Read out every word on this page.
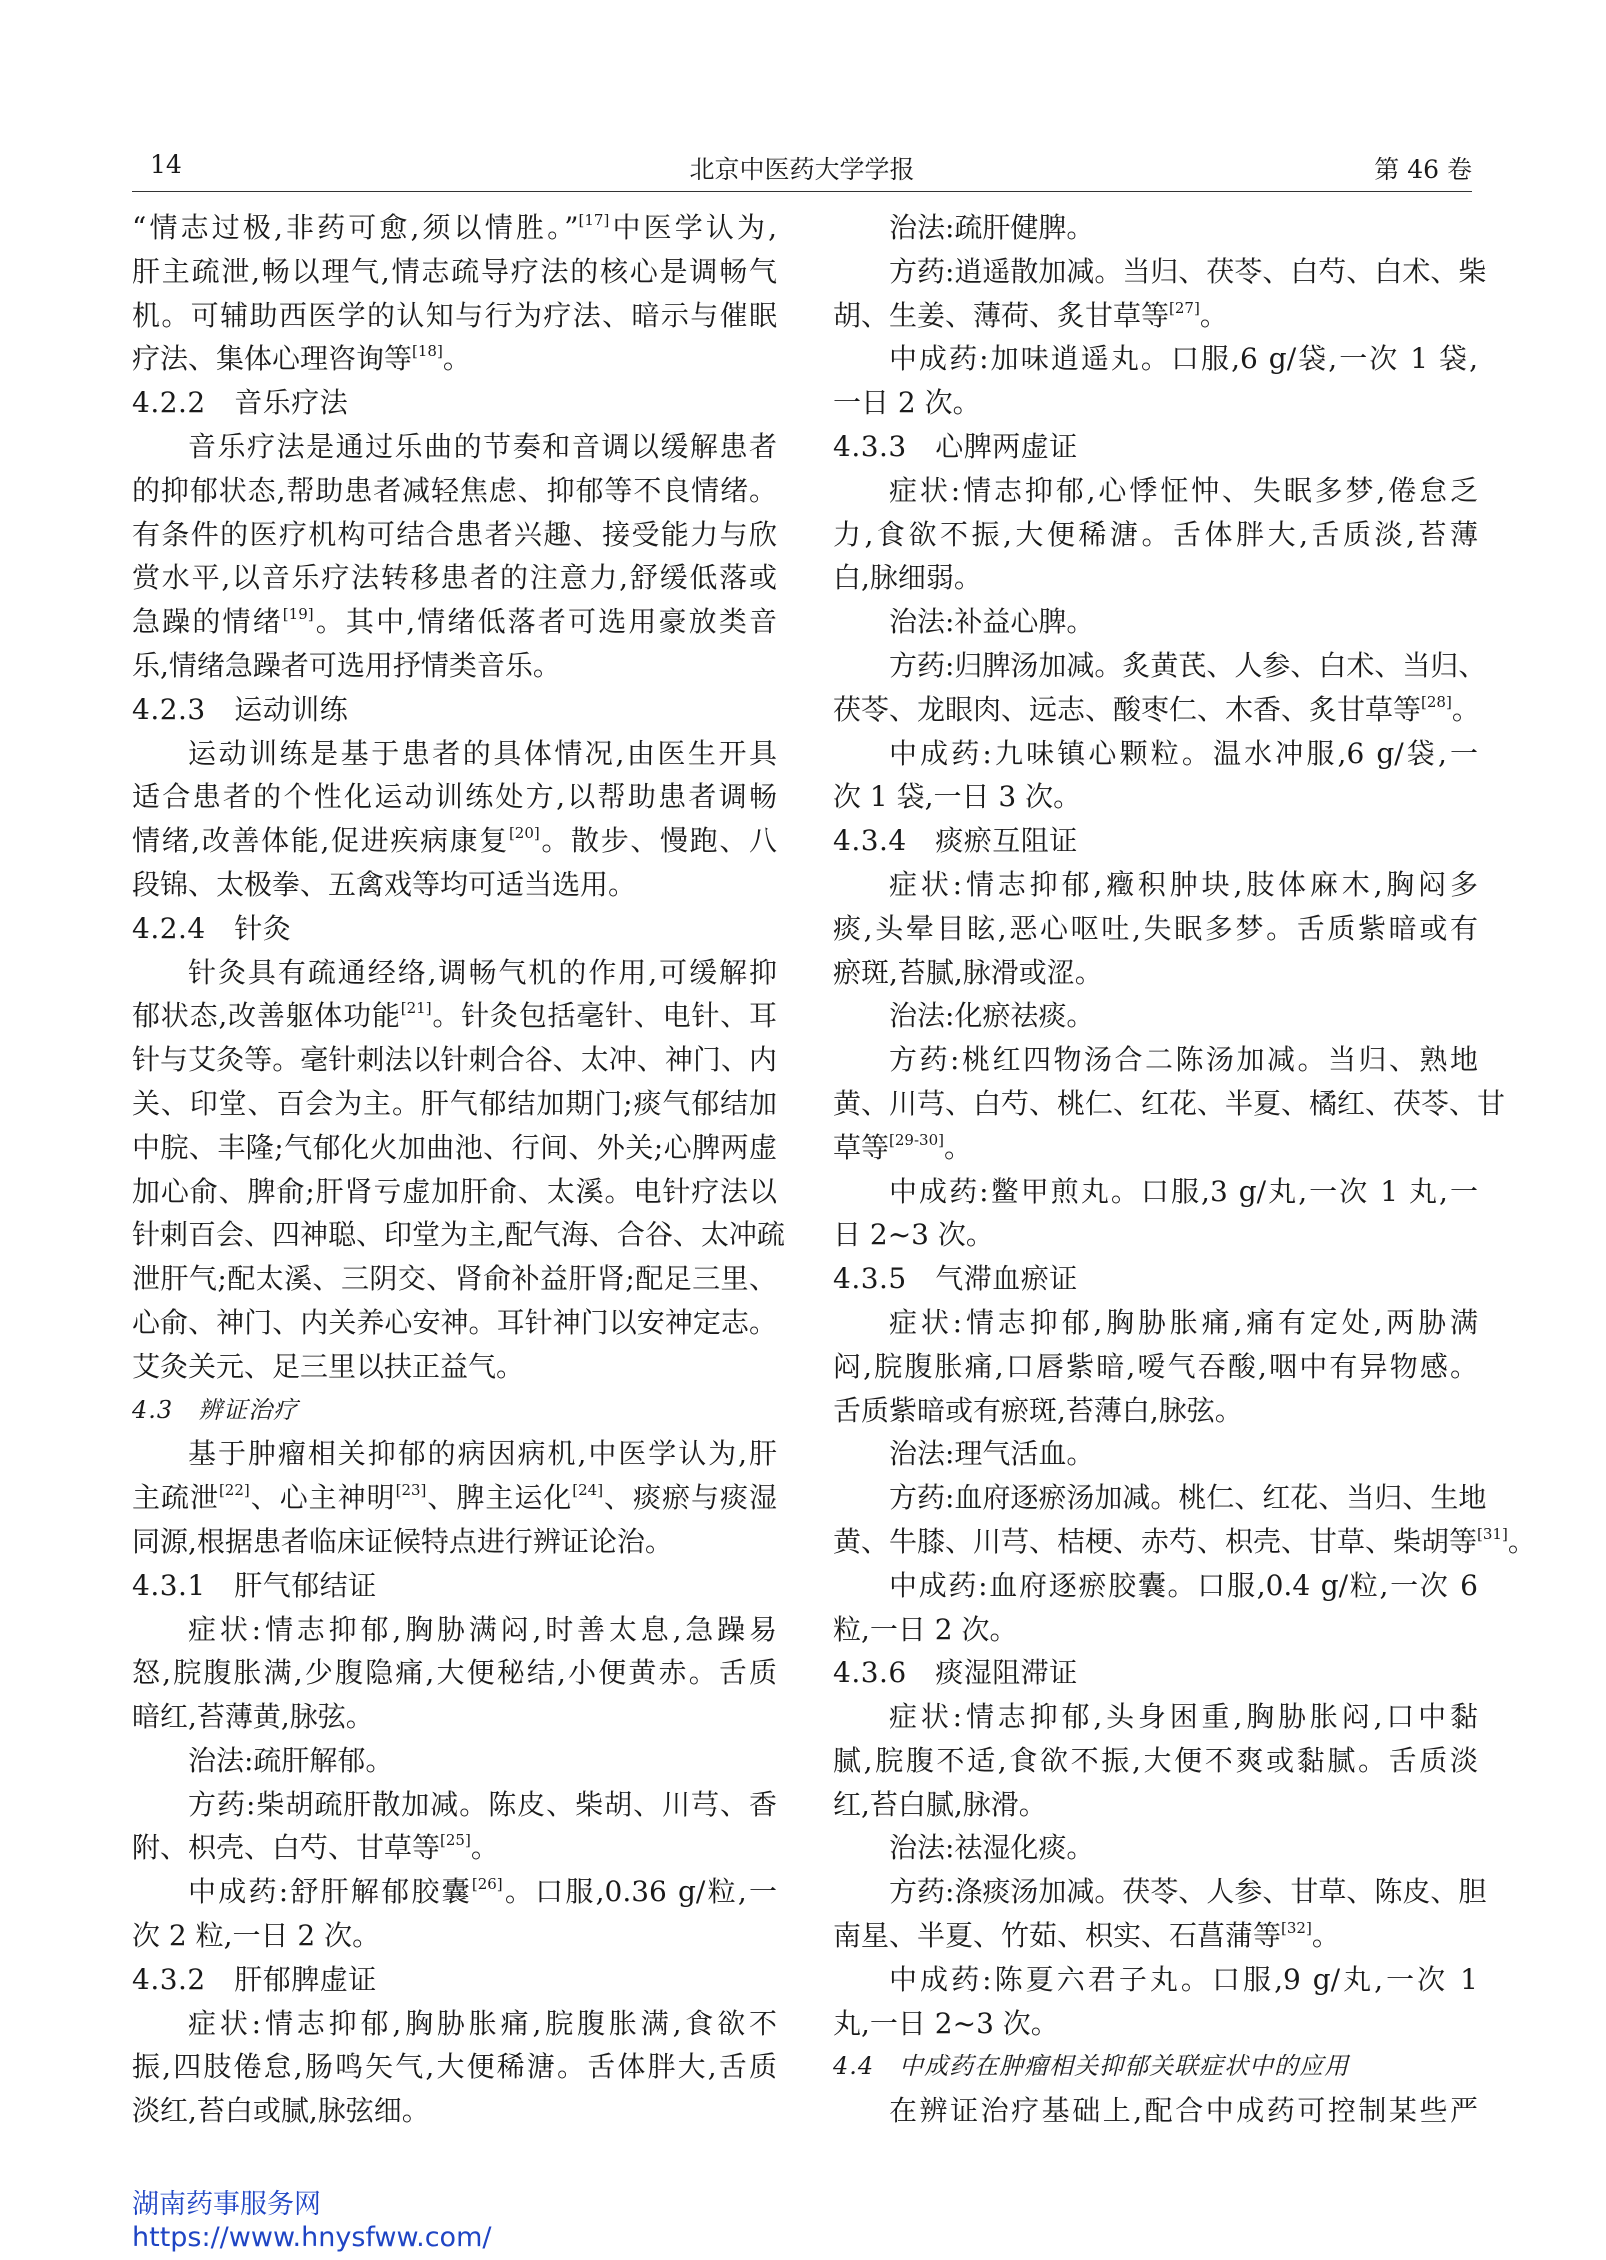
14	北京中医药大学学报	第 46 卷
“情志过极,非药可愈,须以情胜。”[17]中医学认为,
肝主疏泄,畅以理气,情志疏导疗法的核心是调畅气
机。可辅助西医学的认知与行为疗法、暗示与催眠
疗法、集体心理咨询等[18]。
4.2.2　音乐疗法
音乐疗法是通过乐曲的节奏和音调以缓解患者
的抑郁状态,帮助患者减轻焦虑、抑郁等不良情绪。
有条件的医疗机构可结合患者兴趣、接受能力与欣
赏水平,以音乐疗法转移患者的注意力,舒缓低落或
急躁的情绪[19]。其中,情绪低落者可选用豪放类音
乐,情绪急躁者可选用抒情类音乐。
4.2.3　运动训练
运动训练是基于患者的具体情况,由医生开具
适合患者的个性化运动训练处方,以帮助患者调畅
情绪,改善体能,促进疾病康复[20]。散步、慢跑、八
段锦、太极拳、五禽戏等均可适当选用。
4.2.4　针灸
针灸具有疏通经络,调畅气机的作用,可缓解抑
郁状态,改善躯体功能[21]。针灸包括毫针、电针、耳
针与艾灸等。毫针刺法以针刺合谷、太冲、神门、内
关、印堂、百会为主。肝气郁结加期门;痰气郁结加
中脘、丰隆;气郁化火加曲池、行间、外关;心脾两虚
加心俞、脾俞;肝肾亏虚加肝俞、太溪。电针疗法以
针刺百会、四神聪、印堂为主,配气海、合谷、太冲疏
泄肝气;配太溪、三阴交、肾俞补益肝肾;配足三里、
心俞、神门、内关养心安神。耳针神门以安神定志。
艾灸关元、足三里以扶正益气。
4.3　辨证治疗
基于肿瘤相关抑郁的病因病机,中医学认为,肝
主疏泄[22]、心主神明[23]、脾主运化[24]、痰瘀与痰湿
同源,根据患者临床证候特点进行辨证论治。
4.3.1　肝气郁结证
症状:情志抑郁,胸胁满闷,时善太息,急躁易
怒,脘腹胀满,少腹隐痛,大便秘结,小便黄赤。舌质
暗红,苔薄黄,脉弦。
治法:疏肝解郁。
方药:柴胡疏肝散加减。陈皮、柴胡、川芎、香
附、枳壳、白芍、甘草等[25]。
中成药:舒肝解郁胶囊[26]。口服,0.36 g/粒,一
次 2 粒,一日 2 次。
4.3.2　肝郁脾虚证
症状:情志抑郁,胸胁胀痛,脘腹胀满,食欲不
振,四肢倦怠,肠鸣矢气,大便稀溏。舌体胖大,舌质
淡红,苔白或腻,脉弦细。
治法:疏肝健脾。
方药:逍遥散加减。当归、茯苓、白芍、白术、柴
胡、生姜、薄荷、炙甘草等[27]。
中成药:加味逍遥丸。口服,6 g/袋,一次 1 袋,
一日 2 次。
4.3.3　心脾两虚证
症状:情志抑郁,心悸怔忡、失眠多梦,倦怠乏
力,食欲不振,大便稀溏。舌体胖大,舌质淡,苔薄
白,脉细弱。
治法:补益心脾。
方药:归脾汤加减。炙黄芪、人参、白术、当归、
茯苓、龙眼肉、远志、酸枣仁、木香、炙甘草等[28]。
中成药:九味镇心颗粒。温水冲服,6 g/袋,一
次 1 袋,一日 3 次。
4.3.4　痰瘀互阻证
症状:情志抑郁,癥积肿块,肢体麻木,胸闷多
痰,头晕目眩,恶心呕吐,失眠多梦。舌质紫暗或有
瘀斑,苔腻,脉滑或涩。
治法:化瘀祛痰。
方药:桃红四物汤合二陈汤加减。当归、熟地
黄、川芎、白芍、桃仁、红花、半夏、橘红、茯苓、甘
草等[29-30]。
中成药:鳖甲煎丸。口服,3 g/丸,一次 1 丸,一
日 2~3 次。
4.3.5　气滞血瘀证
症状:情志抑郁,胸胁胀痛,痛有定处,两胁满
闷,脘腹胀痛,口唇紫暗,嗳气吞酸,咽中有异物感。
舌质紫暗或有瘀斑,苔薄白,脉弦。
治法:理气活血。
方药:血府逐瘀汤加减。桃仁、红花、当归、生地
黄、牛膝、川芎、桔梗、赤芍、枳壳、甘草、柴胡等[31]。
中成药:血府逐瘀胶囊。口服,0.4 g/粒,一次 6
粒,一日 2 次。
4.3.6　痰湿阻滞证
症状:情志抑郁,头身困重,胸胁胀闷,口中黏
腻,脘腹不适,食欲不振,大便不爽或黏腻。舌质淡
红,苔白腻,脉滑。
治法:祛湿化痰。
方药:涤痰汤加减。茯苓、人参、甘草、陈皮、胆
南星、半夏、竹茹、枳实、石菖蒲等[32]。
中成药:陈夏六君子丸。口服,9 g/丸,一次 1
丸,一日 2~3 次。
4.4　中成药在肿瘤相关抑郁关联症状中的应用
在辨证治疗基础上,配合中成药可控制某些严
湖南药事服务网
https://www.hnysfww.com/
